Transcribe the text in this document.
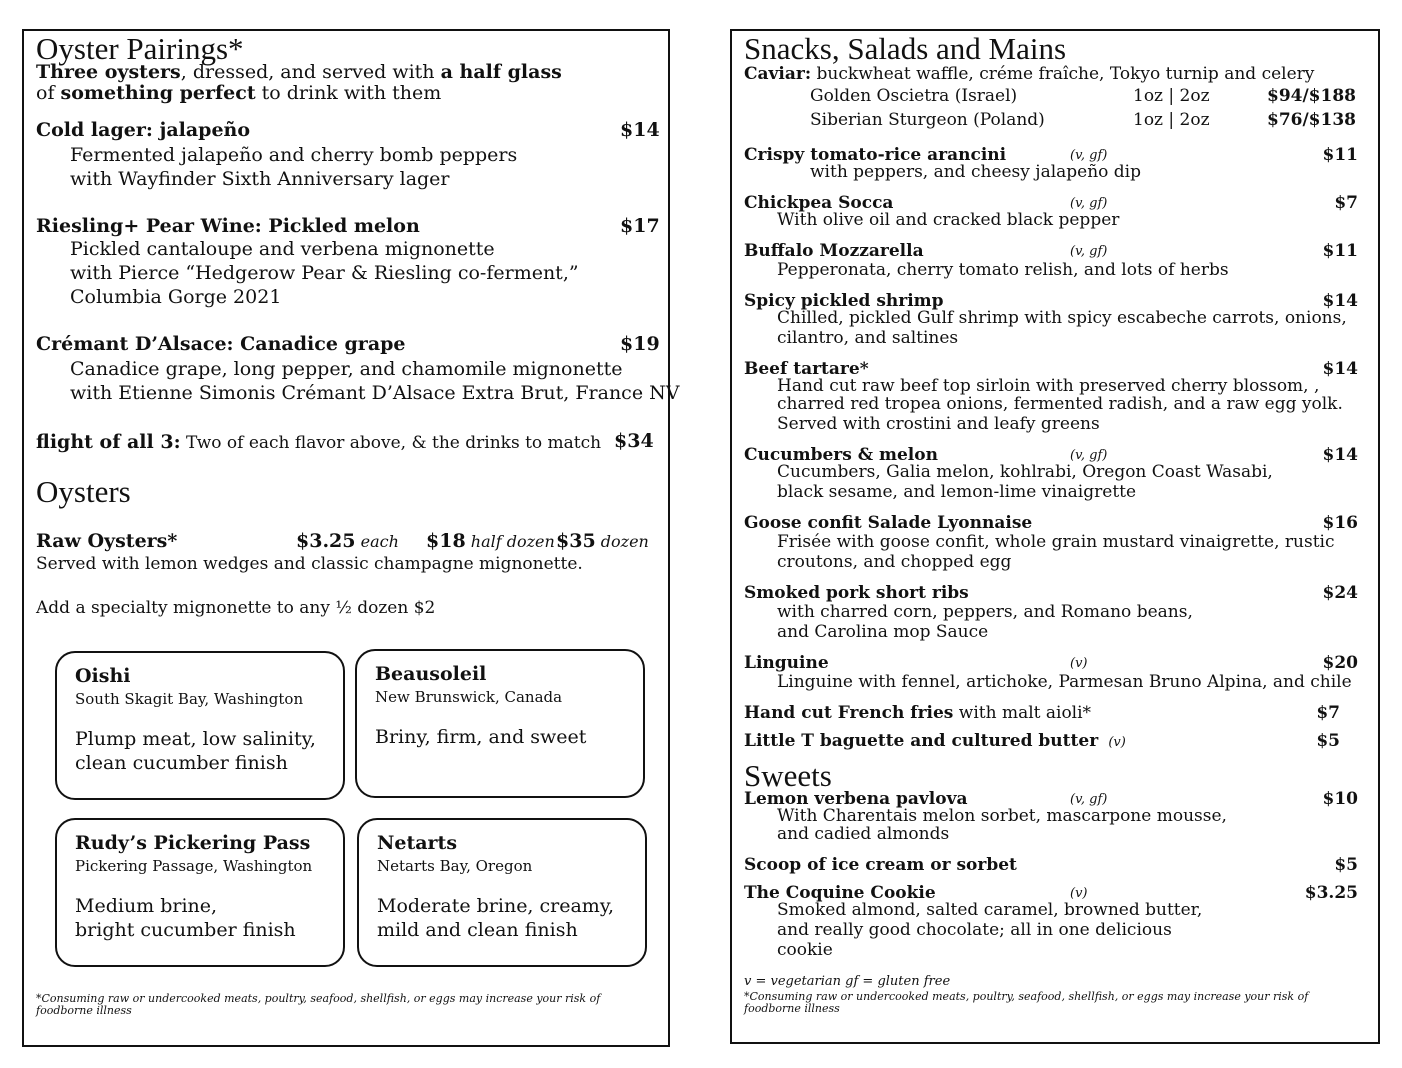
Oyster Pairings*
Three oysters, dressed, and served with a half glass
of something perfect to drink with them
Cold lager: jalapeño	$14
Fermented jalapeño and cherry bomb peppers
with Wayfinder Sixth Anniversary lager
Riesling+ Pear Wine: Pickled melon	$17
Pickled cantaloupe and verbena mignonette
with Pierce “Hedgerow Pear & Riesling co-ferment,”
Columbia Gorge 2021
Crémant D’Alsace: Canadice grape	$19
Canadice grape, long pepper, and chamomile mignonette
with Etienne Simonis Crémant D’Alsace Extra Brut, France NV
flight of all 3: Two of each flavor above, & the drinks to match $34
Oysters
Raw Oysters*	$3.25 each $18 half dozen $35 dozen
Served with lemon wedges and classic champagne mignonette.
Add a specialty mignonette to any ½ dozen $2
Oishi
South Skagit Bay, Washington
Plump meat, low salinity,
clean cucumber finish
Beausoleil
New Brunswick, Canada
Briny, firm, and sweet
Rudy’s Pickering Pass
Pickering Passage, Washington
Medium brine,
bright cucumber finish
Netarts
Netarts Bay, Oregon
Moderate brine, creamy,
mild and clean finish
*Consuming raw or undercooked meats, poultry, seafood, shellfish, or eggs may increase your risk of
foodborne illness
Snacks, Salads and Mains
Caviar: buckwheat waffle, créme fraîche, Tokyo turnip and celery
Golden Oscietra (Israel)	1oz | 2oz	$94/$188
Siberian Sturgeon (Poland)	1oz | 2oz	$76/$138
Crispy tomato-rice arancini	(v, gf)	$11
with peppers, and cheesy jalapeño dip
Chickpea Socca	(v, gf)	$7
With olive oil and cracked black pepper
Buffalo Mozzarella	(v, gf)	$11
Pepperonata, cherry tomato relish, and lots of herbs
Spicy pickled shrimp	$14
Chilled, pickled Gulf shrimp with spicy escabeche carrots, onions,
cilantro, and saltines
Beef tartare*	$14
Hand cut raw beef top sirloin with preserved cherry blossom, ,
charred red tropea onions, fermented radish, and a raw egg yolk.
Served with crostini and leafy greens
Cucumbers & melon	(v, gf)	$14
Cucumbers, Galia melon, kohlrabi, Oregon Coast Wasabi,
black sesame, and lemon-lime vinaigrette
Goose confit Salade Lyonnaise	$16
Frisée with goose confit, whole grain mustard vinaigrette, rustic
croutons, and chopped egg
Smoked pork short ribs	$24
with charred corn, peppers, and Romano beans,
and Carolina mop Sauce
Linguine	(v)	$20
Linguine with fennel, artichoke, Parmesan Bruno Alpina, and chile
Hand cut French fries with malt aioli*	$7
Little T baguette and cultured butter (v)	$5
Sweets
Lemon verbena pavlova	(v, gf)	$10
With Charentais melon sorbet, mascarpone mousse,
and cadied almonds
Scoop of ice cream or sorbet	$5
The Coquine Cookie	(v)	$3.25
Smoked almond, salted caramel, browned butter,
and really good chocolate; all in one delicious
cookie
v = vegetarian gf = gluten free
*Consuming raw or undercooked meats, poultry, seafood, shellfish, or eggs may increase your risk of
foodborne illness
